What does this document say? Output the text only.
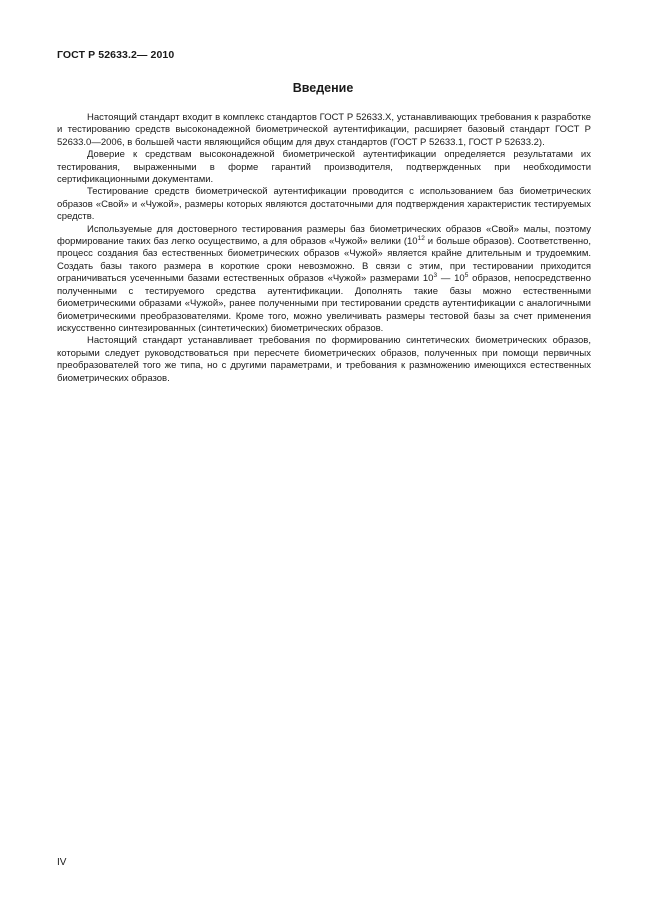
ГОСТ Р 52633.2— 2010
Введение

Настоящий стандарт входит в комплекс стандартов ГОСТ Р 52633.Х, устанавливающих требования к разработке и тестированию средств высоконадежной биометрической аутентификации, расширяет базовый стандарт ГОСТ Р 52633.0—2006, в большей части являющийся общим для двух стандартов (ГОСТ Р 52633.1, ГОСТ Р 52633.2).

Доверие к средствам высоконадежной биометрической аутентификации определяется результатами их тестирования, выраженными в форме гарантий производителя, подтвержденных при необходимости сертификационными документами.

Тестирование средств биометрической аутентификации проводится с использованием баз биометрических образов «Свой» и «Чужой», размеры которых являются достаточными для подтверждения характеристик тестируемых средств.

Используемые для достоверного тестирования размеры баз биометрических образов «Свой» малы, поэтому формирование таких баз легко осуществимо, а для образов «Чужой» велики ($10^{12}$ и больше образов). Соответственно, процесс создания баз естественных биометрических образов «Чужой» является крайне длительным и трудоемким. Создать базы такого размера в короткие сроки невозможно. В связи с этим, при тестировании приходится ограничиваться усеченными базами естественных образов «Чужой» размерами $10^3$ — $10^5$ образов, непосредственно полученными с тестируемого средства аутентификации. Дополнять такие базы можно естественными биометрическими образами «Чужой», ранее полученными при тестировании средств аутентификации с аналогичными биометрическими преобразователями. Кроме того, можно увеличивать размеры тестовой базы за счет применения искусственно синтезированных (синтетических) биометрических образов.

Настоящий стандарт устанавливает требования по формированию синтетических биометрических образов, которыми следует руководствоваться при пересчете биометрических образов, полученных при помощи первичных преобразователей того же типа, но с другими параметрами, и требования к размножению имеющихся естественных биометрических образов.

IV
